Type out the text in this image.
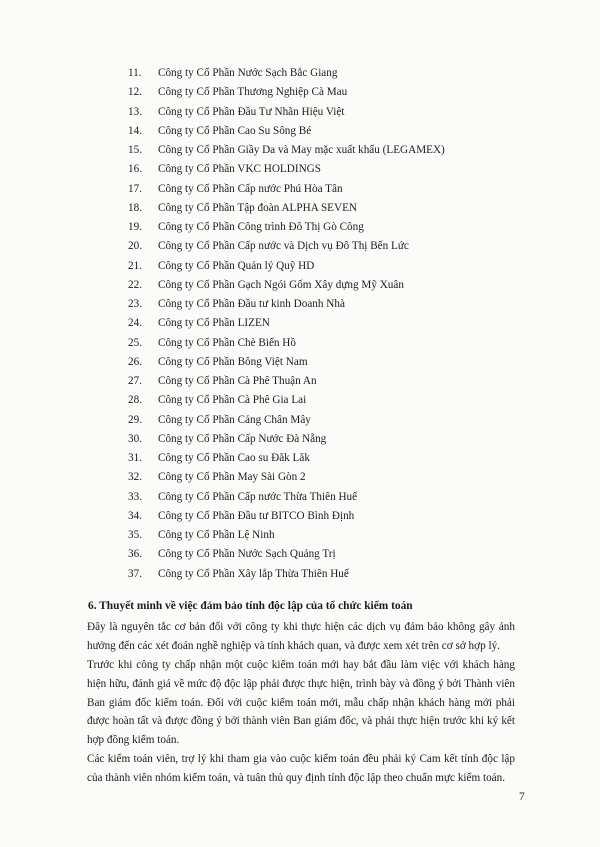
11. Công ty Cổ Phần Nước Sạch Bắc Giang
12. Công ty Cổ Phần Thương Nghiệp Cà Mau
13. Công ty Cổ Phần Đầu Tư Nhãn Hiệu Việt
14. Công ty Cổ Phần Cao Su Sông Bé
15. Công ty Cổ Phần Giầy Da và May mặc xuất khẩu (LEGAMEX)
16. Công ty Cổ Phần VKC HOLDINGS
17. Công ty Cổ Phần Cấp nước Phú Hòa Tân
18. Công ty Cổ Phần Tập đoàn ALPHA SEVEN
19. Công ty Cổ Phần Công trình Đô Thị Gò Công
20. Công ty Cổ Phần Cấp nước và Dịch vụ Đô Thị Bến Lức
21. Công ty Cổ Phần Quản lý Quỹ HD
22. Công ty Cổ Phần Gạch Ngói Gốm Xây dựng Mỹ Xuân
23. Công ty Cổ Phần Đầu tư kinh Doanh Nhà
24. Công ty Cổ Phần LIZEN
25. Công ty Cổ Phần Chè Biển Hồ
26. Công ty Cổ Phần Bông Việt Nam
27. Công ty Cổ Phần Cà Phê Thuận An
28. Công ty Cổ Phần Cà Phê Gia Lai
29. Công ty Cổ Phần Cảng Chân Mây
30. Công ty Cổ Phần Cấp Nước Đà Nẵng
31. Công ty Cổ Phần Cao su Đăk Lăk
32. Công ty Cổ Phần May Sài Gòn 2
33. Công ty Cổ Phần Cấp nước Thừa Thiên Huế
34. Công ty Cổ Phần Đầu tư BITCO Bình Định
35. Công ty Cổ Phần Lệ Ninh
36. Công ty Cổ Phần Nước Sạch Quảng Trị
37. Công ty Cổ Phần Xây lắp Thừa Thiên Huế
6. Thuyết minh về việc đảm bảo tính độc lập của tổ chức kiểm toán
Đây là nguyên tắc cơ bản đối với công ty khi thực hiện các dịch vụ đảm bảo không gây ảnh hưởng đến các xét đoán nghề nghiệp và tính khách quan, và được xem xét trên cơ sở hợp lý.
Trước khi công ty chấp nhận một cuộc kiểm toán mới hay bắt đầu làm việc với khách hàng hiện hữu, đánh giá về mức độ độc lập phải được thực hiện, trình bày và đồng ý bởi Thành viên Ban giám đốc kiểm toán. Đối với cuộc kiểm toán mới, mẫu chấp nhận khách hàng mới phải được hoàn tất và được đồng ý bởi thành viên Ban giám đốc, và phải thực hiện trước khi ký kết hợp đồng kiểm toán.
Các kiểm toán viên, trợ lý khi tham gia vào cuộc kiểm toán đều phải ký Cam kết tính độc lập của thành viên nhóm kiểm toán, và tuân thủ quy định tính độc lập theo chuẩn mực kiểm toán.
7
